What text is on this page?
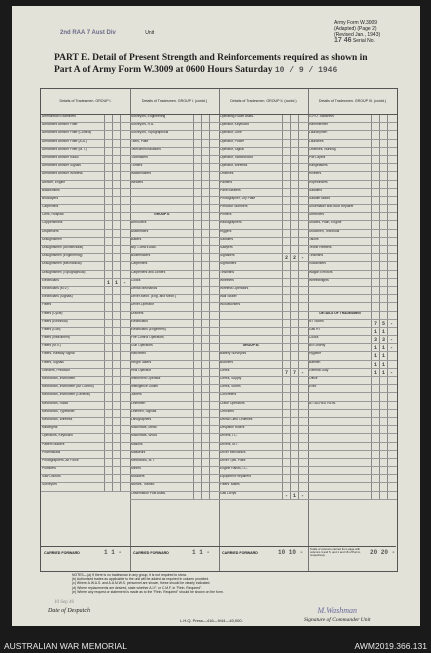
2nd RAA 7 Aust Div	Unit
Army Form W.3009
(Adapted) (Page 2)
(Revised Jan., 1943)
17 46 Serial No.
PART E. Detail of Present Strength and Reinforcements required as shown in
Part A of Army Form W.3009 at 0600 Hours Saturday 10 / 9 / 1946
Details of Tradesmen. GROUP I.
Ammunition Examiners
Armament Artificer Fitter
Armament Artificer Fitter (Control)
Armament Artificer Fitter (A.A.)
Armament Artificer Fitter (M.T.)
Armament Artificer Radio
Armament Artificer Signals
Armament Artificer Wireless
Artificer, Engine
Blacksmiths
Bricklayers
Carpenters
Clerk, Hospital
Coppersmiths
Dispensers
Draughtsmen
Draughtsmen (Architectural)
Draughtsmen (Engineering)
Draughtsmen (Mechanical)
Draughtsmen (Topographical)
Electricians	1 1 -
Electricians (M.V.)
Electricians (Signals)
Fitters
Fitters (Cycle)
Fitters (Electrical)
Fitters (Gun)
Fitters (Instrument)
Fitters (M.V.)
Fitters, Railway Signal
Fitters, Signals
Grinders, Precision
Mechanics, Instrument
Mechanics, Instrument (Air Control)
Mechanics, Instrument (General)
Mechanics, Radio
Mechanics, Typewriter
Mechanics, Wireless
Millwrights
Operators, Keyboard
Pattern Makers
Pharmacists
Photographers, Air Force
Plumbers
Saw Doctors
Surveyors
Details of Tradesmen. GROUP I. (contd.)
Surveyors, Engineering
Surveyors, R.A.
Surveyors, Topographical
Tilers, Plate
Telecommunications
Toolmakers
Turners
Watchmakers
Welders
GROUP II.
Armourers
Assemblers
Bakers
Bty. Comd's Asst.
Boilermakers
Carpenters
Carpenters and Joiners
Cooks
Dental Mechanics
Driver-Mech. (Eng. and Mech.)
Driver-Operator
Drainers
Electricians
Electricians (Engineers)
Fire Control Operators
Gun Operators
Hatchmen
Height Takers
Hills Operator
Instrument Operator
Intelligence Duties
Joiners
Linesmen
Linemen, Signals
Lithographers
Machinists, Metal
Machinists, Wood
Masons
Masseurs
Mechanics, M.T.
Miners
Moulders
Nurses, Trained
Observation Post Assts.
Details of Tradesmen. GROUP II. (contd.)
Operating Room Assts.
Operator, Keyboard
Operator, Lithe
Operator, Power
Operator, Signal
Operator, Switchboard
Operator, Wireless
Orderlies
Painters
Panel Beaters
Photographer, Dry Plate
Predictor Numbers
Printers
Radiographers
Riggers
Saddlers
Sawyers
Signallers	2 2 -
Signwriters
Tinsmiths
Wheelers
Wireless Operators
Wall Sealer
Woodworkers
GROUP III.
Battery Surveyors
Butchers
Clerks	7 7 -
Clerks, Supply
Clerks, Stores
Concreters
Crane Operators
Checkers
Dental Clerk Orderlies
Despatch Riders
Drivers, I.C.
Drivers, M.T.
Driver Mechanics
Driver Tpts. Plant
Engine Hands, I.C.
Equipment Repairers
Fitters' Mates
Gas Lorrys	- 1 -
Details of Tradesmen. GROUP III. (contd.)
G.P.O. Switchers
Hammermen
Laundrymen
Laundries
Orderlies, Nursing
Pile Layers
Rangetakers
Riveters
Ropebinders
Saddlers
Saddler tailors
Shoemaker and Boot Repairer
Stretchers
Stokers, Plain, Engine
Stockmen, Technical
Tailors
Textile Refitters
Tinsmiths
Vulcanisers
Wagon Erectors
Wheelwrights
DETAILS OF TRADESMEN
NT Stores	7 5 -
Gas HT	1 1
Cooks	3 3 -
BN Orderly	1 1 -
Hygiene	1 1
Batmen	1 1
General Duty	1 1 -
Office
Exec
ATTACHED REIN.
CARRIED FORWARD	1 1 -	CARRIED FORWARD	1 1 -	CARRIED FORWARD	10 10 - Totals of columns carried from page with columns 4 and 5, and 1 and 16 of Part A, respectively.	20 20 -
NOTES—(a) If there is no tradesman in any group, it is not required to show.
(b) Authorised trades as applicable to the unit will be added as required in column provided.
(c) Where A.W.A.S. and A.A.M.W.S. personnel are shown, these should be clearly indicated.
(d) Where replacements are desired, state whether A.I.F. or C.M.F. in "Rein. Required".
(e) Where any request or statement is made as to the "Rein. Required" should be shown on the form.
10 Sep 46
Date of Despatch
L.H.Q. Press—416—9/44—40,000.
M.Washman
Signature of Commander Unit
AUSTRALIAN WAR MEMORIAL	AWM2019.366.131
